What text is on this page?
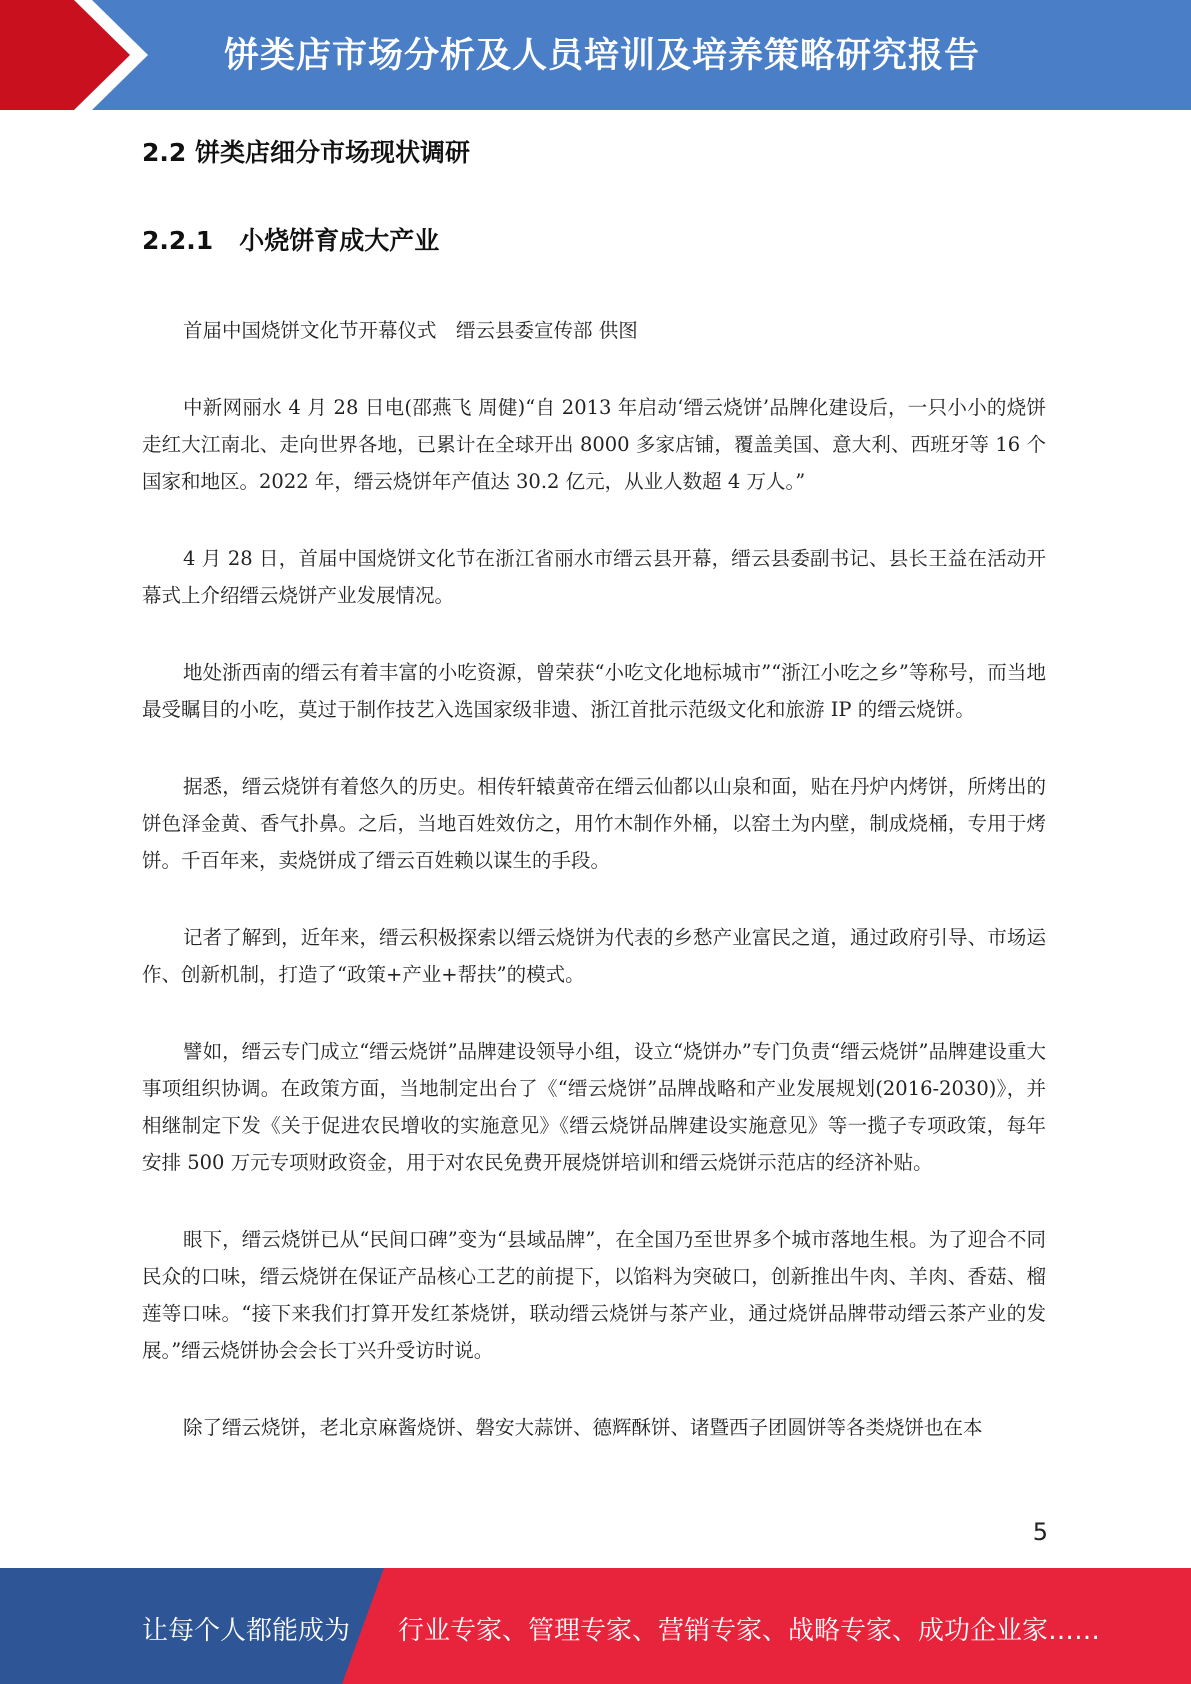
饼类店市场分析及人员培训及培养策略研究报告
2.2 饼类店细分市场现状调研
2.2.1 小烧饼育成大产业

首届中国烧饼文化节开幕仪式　缙云县委宣传部 供图

中新网丽水 4 月 28 日电(邵燕飞 周健)“自 2013 年启动‘缙云烧饼’品牌化建设后，一只小小的烧饼走红大江南北、走向世界各地，已累计在全球开出 8000 多家店铺，覆盖美国、意大利、西班牙等 16 个国家和地区。2022 年，缙云烧饼年产值达 30.2 亿元，从业人数超 4 万人。”

4 月 28 日，首届中国烧饼文化节在浙江省丽水市缙云县开幕，缙云县委副书记、县长王益在活动开幕式上介绍缙云烧饼产业发展情况。

地处浙西南的缙云有着丰富的小吃资源，曾荣获“小吃文化地标城市”“浙江小吃之乡”等称号，而当地最受瞩目的小吃，莫过于制作技艺入选国家级非遗、浙江首批示范级文化和旅游 IP 的缙云烧饼。

据悉，缙云烧饼有着悠久的历史。相传轩辕黄帝在缙云仙都以山泉和面，贴在丹炉内烤饼，所烤出的饼色泽金黄、香气扑鼻。之后，当地百姓效仿之，用竹木制作外桶，以窑土为内壁，制成烧桶，专用于烤饼。千百年来，卖烧饼成了缙云百姓赖以谋生的手段。

记者了解到，近年来，缙云积极探索以缙云烧饼为代表的乡愁产业富民之道，通过政府引导、市场运作、创新机制，打造了“政策+产业+帮扶”的模式。

譬如，缙云专门成立“缙云烧饼”品牌建设领导小组，设立“烧饼办”专门负责“缙云烧饼”品牌建设重大事项组织协调。在政策方面，当地制定出台了《“缙云烧饼”品牌战略和产业发展规划(2016-2030)》，并相继制定下发《关于促进农民增收的实施意见》《缙云烧饼品牌建设实施意见》等一揽子专项政策，每年安排 500 万元专项财政资金，用于对农民免费开展烧饼培训和缙云烧饼示范店的经济补贴。

眼下，缙云烧饼已从“民间口碑”变为“县域品牌”，在全国乃至世界多个城市落地生根。为了迎合不同民众的口味，缙云烧饼在保证产品核心工艺的前提下，以馅料为突破口，创新推出牛肉、羊肉、香菇、榴莲等口味。“接下来我们打算开发红茶烧饼，联动缙云烧饼与茶产业，通过烧饼品牌带动缙云茶产业的发展。”缙云烧饼协会会长丁兴升受访时说。

除了缙云烧饼，老北京麻酱烧饼、磐安大蒜饼、德辉酥饼、诸暨西子团圆饼等各类烧饼也在本

5
让每个人都能成为 行业专家、管理专家、营销专家、战略专家、成功企业家……
